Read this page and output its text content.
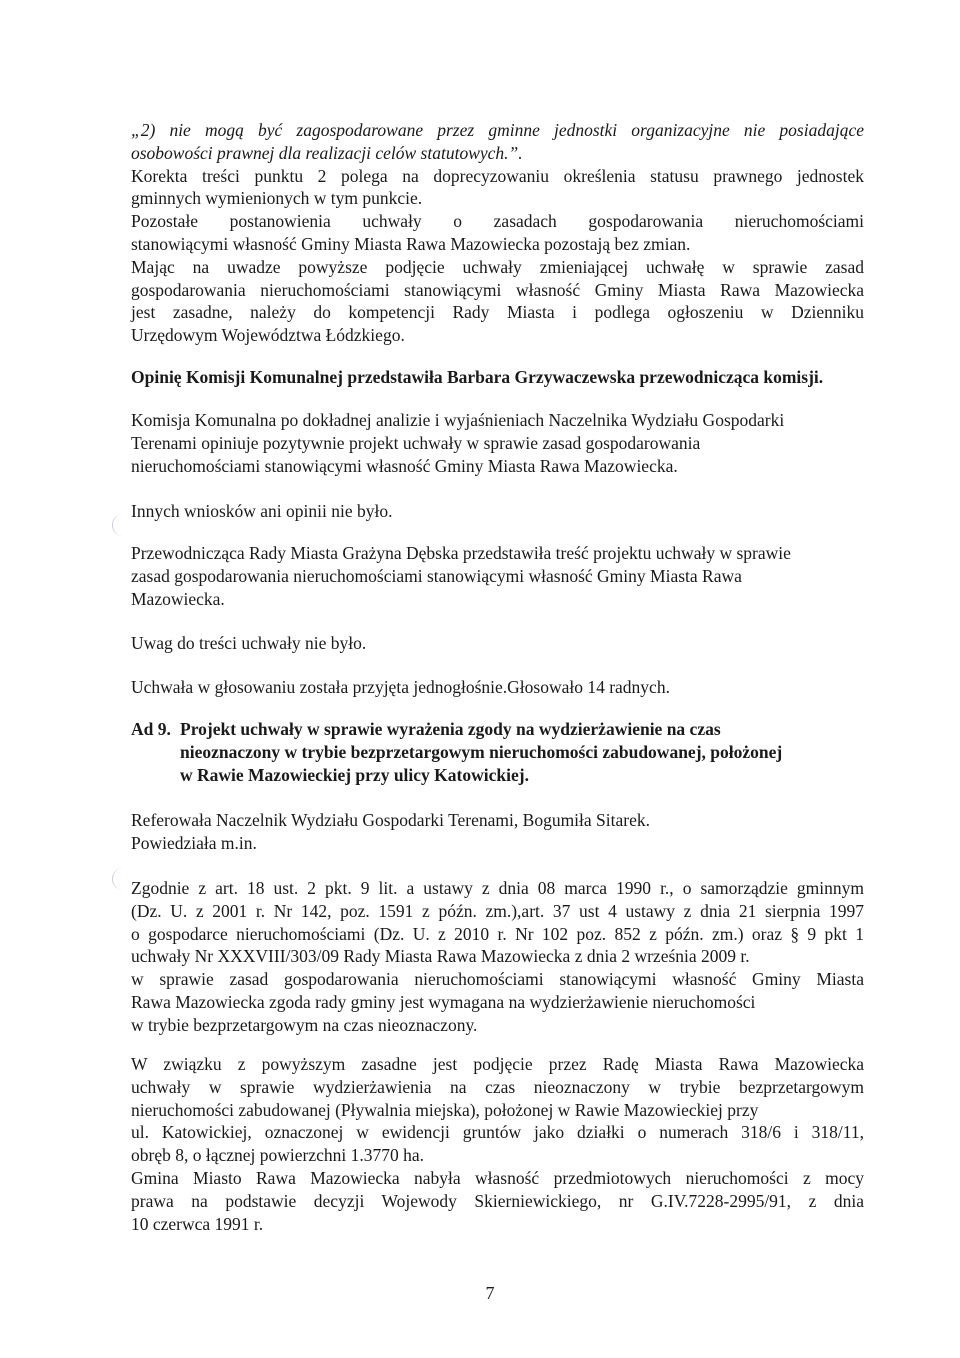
„2) nie mogą być zagospodarowane przez gminne jednostki organizacyjne nie posiadające
osobowości prawnej dla realizacji celów statutowych.”.
Korekta treści punktu 2 polega na doprecyzowaniu określenia statusu prawnego jednostek
gminnych wymienionych w tym punkcie.
Pozostałe postanowienia uchwały o zasadach gospodarowania nieruchomościami
stanowiącymi własność Gminy Miasta Rawa Mazowiecka pozostają bez zmian.
Mając na uwadze powyższe podjęcie uchwały zmieniającej uchwałę w sprawie zasad
gospodarowania nieruchomościami stanowiącymi własność Gminy Miasta Rawa Mazowiecka
jest zasadne, należy do kompetencji Rady Miasta i podlega ogłoszeniu w Dzienniku
Urzędowym Województwa Łódzkiego.
Opinię Komisji Komunalnej przedstawiła Barbara Grzywaczewska przewodnicząca komisji.
Komisja Komunalna po dokładnej analizie i wyjaśnieniach Naczelnika Wydziału Gospodarki
Terenami opiniuje pozytywnie projekt uchwały w sprawie zasad gospodarowania
nieruchomościami stanowiącymi własność Gminy Miasta Rawa Mazowiecka.
Innych wniosków ani opinii nie było.
Przewodnicząca Rady Miasta Grażyna Dębska przedstawiła treść projektu uchwały w sprawie
zasad gospodarowania nieruchomościami stanowiącymi własność Gminy Miasta Rawa
Mazowiecka.
Uwag do treści uchwały nie było.
Uchwała w głosowaniu została przyjęta jednogłośnie.Głosowało 14 radnych.
Ad 9. Projekt uchwały w sprawie wyrażenia zgody na wydzierżawienie na czas
nieoznaczony w trybie bezprzetargowym nieruchomości zabudowanej, położonej
w Rawie Mazowieckiej przy ulicy Katowickiej.
Referowała Naczelnik Wydziału Gospodarki Terenami, Bogumiła Sitarek.
Powiedziała m.in.
Zgodnie z art. 18 ust. 2 pkt. 9 lit. a ustawy z dnia 08 marca 1990 r., o samorządzie gminnym
(Dz. U. z 2001 r. Nr 142, poz. 1591 z późn. zm.),art. 37 ust 4 ustawy z dnia 21 sierpnia 1997
o gospodarce nieruchomościami (Dz. U. z 2010 r. Nr 102 poz. 852 z późn. zm.) oraz § 9 pkt 1
uchwały Nr XXXVIII/303/09 Rady Miasta Rawa Mazowiecka z dnia 2 września 2009 r.
w sprawie zasad gospodarowania nieruchomościami stanowiącymi własność Gminy Miasta
Rawa Mazowiecka zgoda rady gminy jest wymagana na wydzierżawienie nieruchomości
w trybie bezprzetargowym na czas nieoznaczony.
W związku z powyższym zasadne jest podjęcie przez Radę Miasta Rawa Mazowiecka
uchwały w sprawie wydzierżawienia na czas nieoznaczony w trybie bezprzetargowym
nieruchomości zabudowanej (Pływalnia miejska), położonej w Rawie Mazowieckiej przy
ul. Katowickiej, oznaczonej w ewidencji gruntów jako działki o numerach 318/6 i 318/11,
obręb 8, o łącznej powierzchni 1.3770 ha.
Gmina Miasto Rawa Mazowiecka nabyła własność przedmiotowych nieruchomości z mocy
prawa na podstawie decyzji Wojewody Skierniewickiego, nr G.IV.7228-2995/91, z dnia
10 czerwca 1991 r.
7
